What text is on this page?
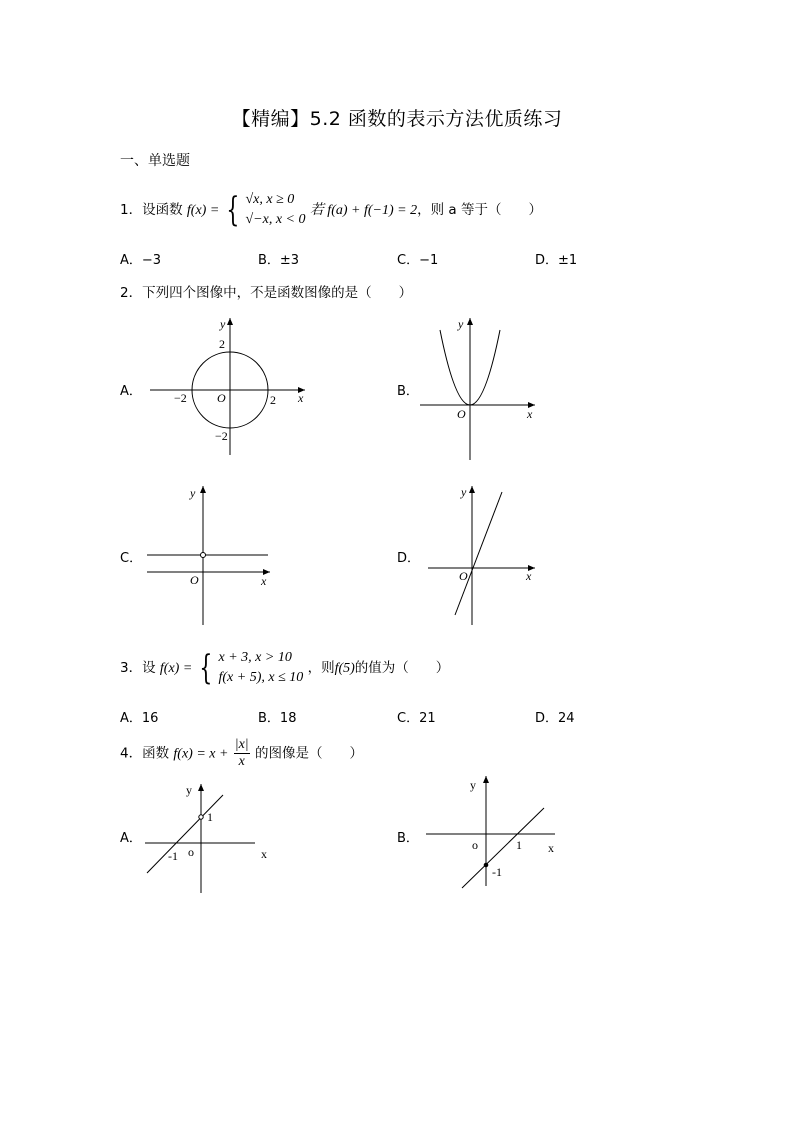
【精编】5.2 函数的表示方法优质练习
一、单选题
1．设函数 f(x) = { √x, x ≥ 0
√−x, x < 0
若 f(a) + f(−1) = 2，则 a 等于（　　）
A．−3	B．±3	C．−1	D．±1
2．下列四个图像中，不是函数图像的是（　　）
A．	B．
C．	D．
y
x
2
2
−2
−2
O
y
x
O
y
x
O
y
x
O
3．设 f(x) = { x + 3, x > 10
f(x + 5), x ≤ 10
，则f(5)的值为（　　）
A．16	B．18	C．21	D．24
4．函数 $f(x) = x + \frac{|x|}{x}$ 的图像是（　　）
A．	B．
y
x
1
-1 o
y
x
1
-1
o
